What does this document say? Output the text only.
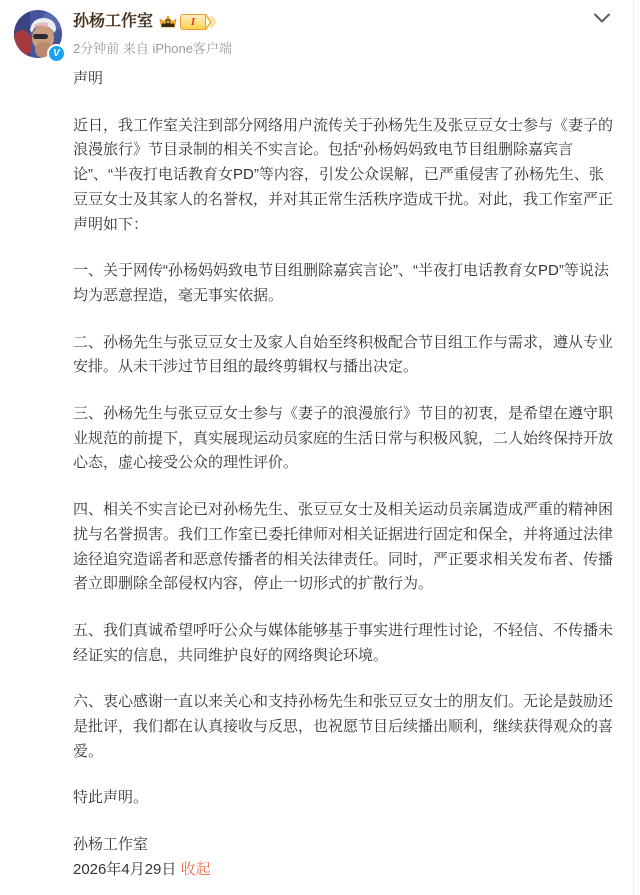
V
孙杨工作室	I
2分钟前 来自 iPhone客户端

声明

近日，我工作室关注到部分网络用户流传关于孙杨先生及张豆豆女士参与《妻子的浪漫旅行》节目录制的相关不实言论。包括“孙杨妈妈致电节目组删除嘉宾言论”、“半夜打电话教育女PD”等内容，引发公众误解，已严重侵害了孙杨先生、张豆豆女士及其家人的名誉权，并对其正常生活秩序造成干扰。对此，我工作室严正声明如下：

一、关于网传“孙杨妈妈致电节目组删除嘉宾言论”、“半夜打电话教育女PD”等说法均为恶意捏造，毫无事实依据。

二、孙杨先生与张豆豆女士及家人自始至终积极配合节目组工作与需求，遵从专业安排。从未干涉过节目组的最终剪辑权与播出决定。

三、孙杨先生与张豆豆女士参与《妻子的浪漫旅行》节目的初衷，是希望在遵守职业规范的前提下，真实展现运动员家庭的生活日常与积极风貌，二人始终保持开放心态，虚心接受公众的理性评价。

四、相关不实言论已对孙杨先生、张豆豆女士及相关运动员亲属造成严重的精神困扰与名誉损害。我们工作室已委托律师对相关证据进行固定和保全，并将通过法律途径追究造谣者和恶意传播者的相关法律责任。同时，严正要求相关发布者、传播者立即删除全部侵权内容，停止一切形式的扩散行为。

五、我们真诚希望呼吁公众与媒体能够基于事实进行理性讨论，不轻信、不传播未经证实的信息，共同维护良好的网络舆论环境。

六、衷心感谢一直以来关心和支持孙杨先生和张豆豆女士的朋友们。无论是鼓励还是批评，我们都在认真接收与反思，也祝愿节目后续播出顺利，继续获得观众的喜爱。

特此声明。

孙杨工作室
2026年4月29日 收起
